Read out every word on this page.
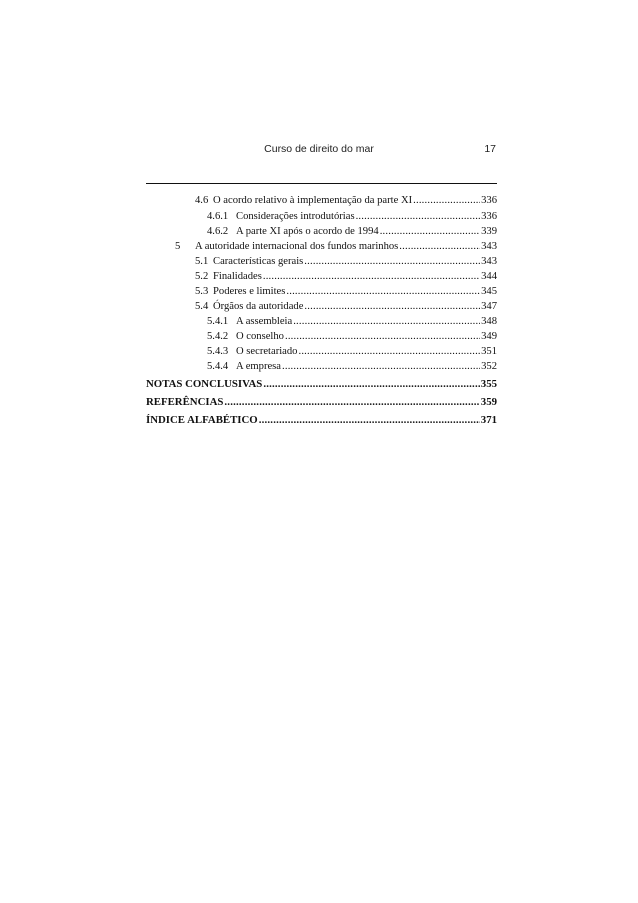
Curso de direito do mar	17
4.6 O acordo relativo à implementação da parte XI .....	336
4.6.1 Considerações introdutórias .....	336
4.6.2 A parte XI após o acordo de 1994 .....	339
5 A autoridade internacional dos fundos marinhos .....	343
5.1 Características gerais .....	343
5.2 Finalidades .....	344
5.3 Poderes e limites .....	345
5.4 Órgãos da autoridade .....	347
5.4.1 A assembleia .....	348
5.4.2 O conselho .....	349
5.4.3 O secretariado .....	351
5.4.4 A empresa .....	352
NOTAS CONCLUSIVAS .....	355
REFERÊNCIAS .....	359
ÍNDICE ALFABÉTICO .....	371
